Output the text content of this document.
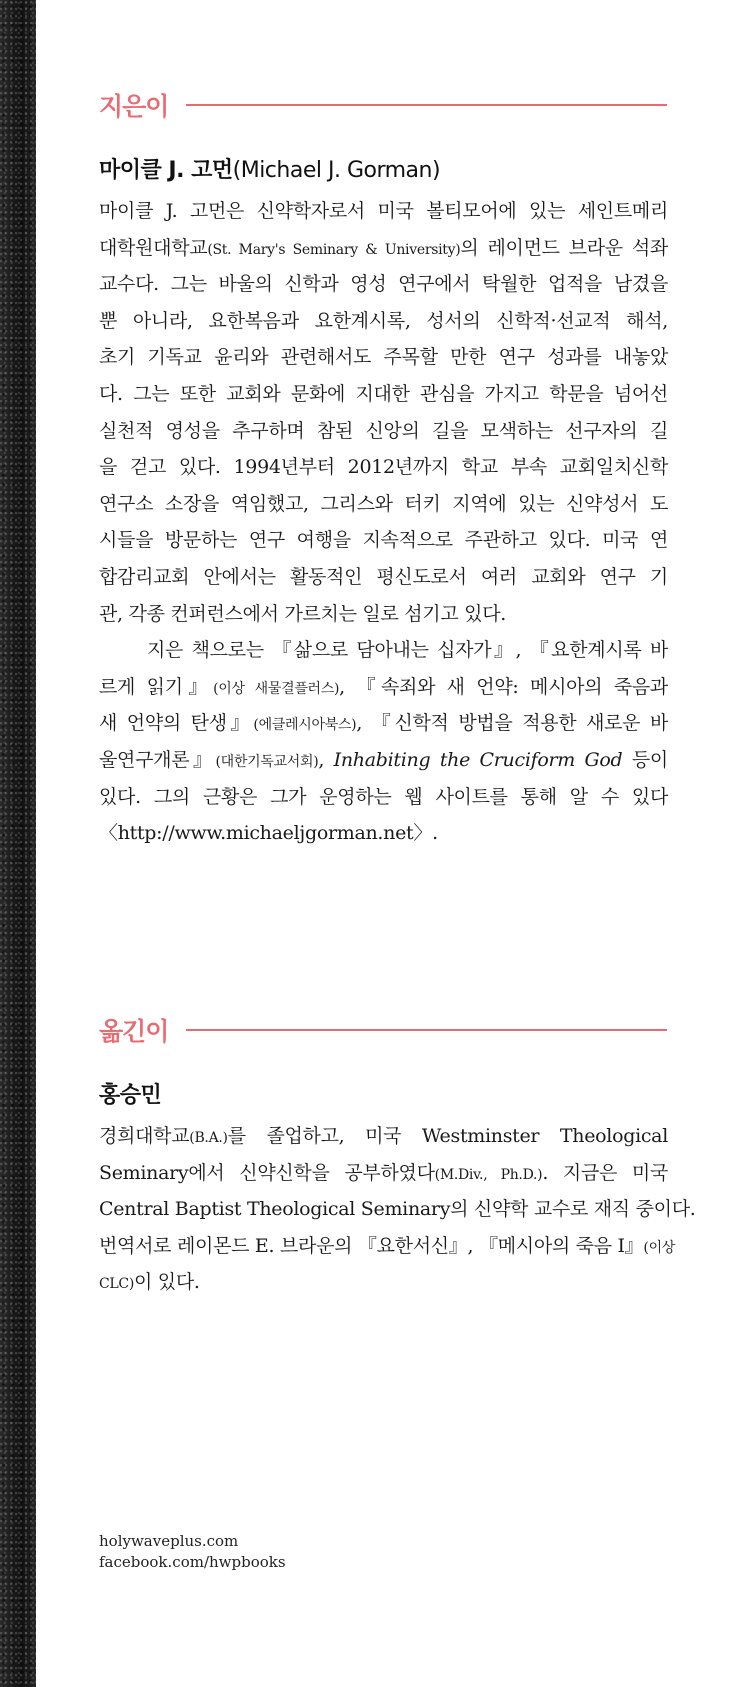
지은이
마이클 J. 고먼(Michael J. Gorman)
마이클 J. 고먼은 신약학자로서 미국 볼티모어에 있는 세인트메리
대학원대학교(St. Mary's Seminary & University)의 레이먼드 브라운 석좌
교수다. 그는 바울의 신학과 영성 연구에서 탁월한 업적을 남겼을
뿐 아니라, 요한복음과 요한계시록, 성서의 신학적·선교적 해석,
초기 기독교 윤리와 관련해서도 주목할 만한 연구 성과를 내놓았
다. 그는 또한 교회와 문화에 지대한 관심을 가지고 학문을 넘어선
실천적 영성을 추구하며 참된 신앙의 길을 모색하는 선구자의 길
을 걷고 있다. 1994년부터 2012년까지 학교 부속 교회일치신학
연구소 소장을 역임했고, 그리스와 터키 지역에 있는 신약성서 도
시들을 방문하는 연구 여행을 지속적으로 주관하고 있다. 미국 연
합감리교회 안에서는 활동적인 평신도로서 여러 교회와 연구 기
관, 각종 컨퍼런스에서 가르치는 일로 섬기고 있다.
지은 책으로는 『삶으로 담아내는 십자가』, 『요한계시록 바
르게 읽기』(이상 새물결플러스), 『속죄와 새 언약: 메시아의 죽음과
새 언약의 탄생』(에클레시아북스), 『신학적 방법을 적용한 새로운 바
울연구개론』(대한기독교서회), Inhabiting the Cruciform God 등이
있다. 그의 근황은 그가 운영하는 웹 사이트를 통해 알 수 있다
〈http://www.michaeljgorman.net〉.
옮긴이
홍승민
경희대학교(B.A.)를 졸업하고, 미국 Westminster Theological
Seminary에서 신약신학을 공부하였다(M.Div., Ph.D.). 지금은 미국
Central Baptist Theological Seminary의 신약학 교수로 재직 중이다.
번역서로 레이몬드 E. 브라운의 『요한서신』, 『메시아의 죽음 I』(이상
CLC)이 있다.
holywaveplus.com
facebook.com/hwpbooks
